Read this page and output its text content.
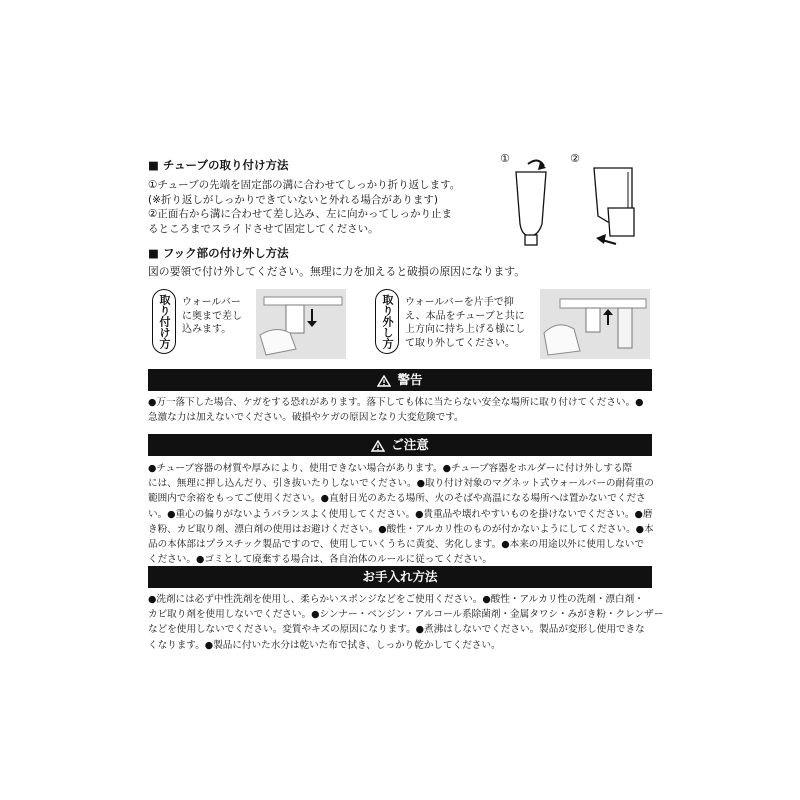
■ チューブの取り付け方法
①チューブの先端を固定部の溝に合わせてしっかり折り返します。
(※折り返しがしっかりできていないと外れる場合があります)
②正面右から溝に合わせて差し込み、左に向かってしっかり止ま
るところまでスライドさせて固定してください。
①	②
■ フック部の付け外し方法
図の要領で付け外してください。無理に力を加えると破損の原因になります。
取り付け方	ウォールバー
に奥まで差し
込みます。	取り外し方	ウォールバーを片手で抑
え、本品をチューブと共に
上方向に持ち上げる様にし
て取り外してください。
警告
●万一落下した場合、ケガをする恐れがあります。落下しても体に当たらない安全な場所に取り付けてください。●
急激な力は加えないでください。破損やケガの原因となり大変危険です。
ご注意
●チューブ容器の材質や厚みにより、使用できない場合があります。●チューブ容器をホルダーに付け外しする際
には、無理に押し込んだり、引き抜いたりしないでください。●取り付け対象のマグネット式ウォールバーの耐荷重の
範囲内で余裕をもってご使用ください。●直射日光のあたる場所、火のそばや高温になる場所へは置かないでくださ
い。●重心の偏りがないようバランスよく使用してください。●貴重品や壊れやすいものを掛けないでください。●磨
き粉、カビ取り剤、漂白剤の使用はお避けください。●酸性・アルカリ性のものが付かないようにしてください。●本
品の本体部はプラスチック製品ですので、使用していくうちに黄変、劣化します。●本来の用途以外に使用しないで
ください。●ゴミとして廃棄する場合は、各自治体のルールに従ってください。
お手入れ方法
●洗剤には必ず中性洗剤を使用し、柔らかいスポンジなどをご使用ください。●酸性・アルカリ性の洗剤・漂白剤・
カビ取り剤を使用しないでください。●シンナー・ベンジン・アルコール系除菌剤・金属タワシ・みがき粉・クレンザー
などを使用しないでください。変質やキズの原因になります。●煮沸はしないでください。製品が変形し使用できな
くなります。●製品に付いた水分は乾いた布で拭き、しっかり乾かしてください。
